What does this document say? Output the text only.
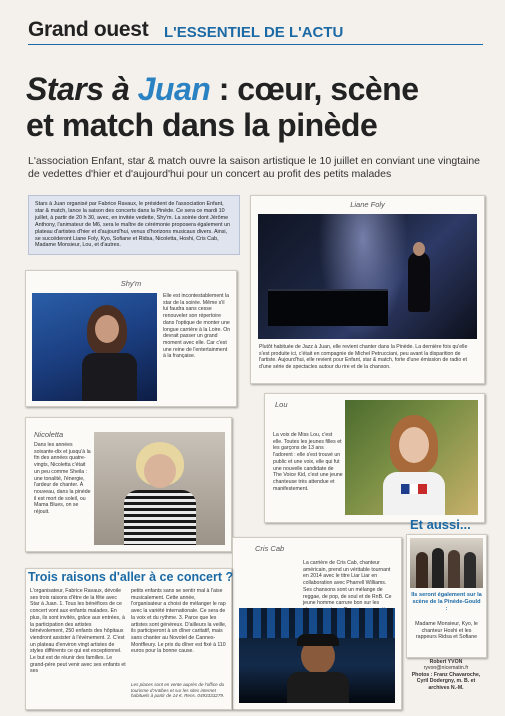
Grand ouest L'ESSENTIEL DE L'ACTU
Stars à Juan : cœur, scène
et match dans la pinède
L'association Enfant, star & match ouvre la saison artistique le 10 juillet en conviant une vingtaine de vedettes d'hier et d'aujourd'hui pour un concert au profit des petits malades
Stars à Juan organisé par Fabrice Ravaux, le président de l'association Enfant, star & match, lance la saison des concerts dans la Pinède. Ce sera ce mardi 10 juillet, à partir de 20 h 30, avec, en invitée vedette, Shy'm. La soirée dont Jérôme Anthony, l'animateur de M6, sera le maître de cérémonie proposera également un plateau d'artistes d'hier et d'aujourd'hui, venus d'horizons musicaux divers. Ainsi, se succéderont Liane Foly, Kyo, Sofiane et Ridsa, Nicoletta, Hoshi, Cris Cab, Madame Monsieur, Lou, et d'autres.
Liane Foly
Plutôt habituée de Jazz à Juan, elle revient chanter dans la Pinède. La dernière fois qu'elle s'est produite ici, c'était en compagnie de Michel Petrucciani, peu avant la disparition de l'artiste. Aujourd'hui, elle revient pour Enfant, star & match, forte d'une émission de radio et d'une série de spectacles autour du rire et de la chanson.
Shy'm
Elle est incontestablement la star de la soirée. Même s'il lui faudra sans cesse renouveler son répertoire dans l'optique de monter une longue carrière à la Loire. On devrait passer un grand moment avec elle. Car c'est une reine de l'entertainment à la française.
Nicoletta
Dans les années soixante-dix et jusqu'à la fin des années quatre-vingts, Nicoletta c'était un peu comme Sheila : une tonalité, l'énergie, l'ardeur de chanter. À nouveau, dans la pinède il est mort de soleil, ou Mama Blues, on se réjouit.
Lou
La voix de Miss Lou, c'est elle. Toutes les jeunes filles et les garçons de 13 ans l'adorent : elle s'est trouvé un public et une voix, elle qui fut une nouvelle candidate de The Voice Kid, c'est une jeune chanteuse très attendue et manifestement.
Cris Cab
La carrière de Cris Cab, chanteur américain, prend un véritable tournant en 2014 avec le titre Liar Liar en collaboration avec Pharrell Williams. Ses chansons sont un mélange de reggae, de pop, de soul et de RnB. Ce jeune homme carrure bon sur les
Trois raisons d'aller à ce concert ?
L'organisateur, Fabrice Ravaux, dévoile ses trois raisons d'être de la fête avec Star à Juan. 1. Tous les bénéfices de ce concert vont aux enfants malades. En plus, ils sont invités, grâce aux entrées, à la participation des artistes bénévolement, 250 enfants des hôpitaux viendront assister à l'événement. 2. C'est un plateau d'environ vingt artistes de styles différents ce qui est exceptionnel. Le but est de réunir des familles. Le grand-père peut venir avec ses enfants et ses
petits enfants sans se sentir mal à l'aise musicalement. Cette année, l'organisateur a choisi de mélanger le rap avec la variété internationale. Ce sera de la voix et du rythme. 3. Parce que les artistes sont généreux. D'ailleurs la veille, ils participeront à un dîner caritatif, mais sans chanter au Novotel de Cannes-Montfleury. Le prix du dîner est fixé à 110 euros pour la bonne cause.
Les places sont en vente auprès de l'office du tourisme d'Antibes et sur les sites internet habituels à partir de 14 €. Rens. 0493333279.
Et aussi...
Ils seront également sur la scène de la Pinède-Gould :
Madame Monsieur, Kyo, le chanteur Hoshi et les rappeurs Ridsa et Sofiane
Robert YVON
ryvon@nicematin.fr
Photos : Franz Chavaroche, Cyril Dodergny, m. B. et archives N.-M.
